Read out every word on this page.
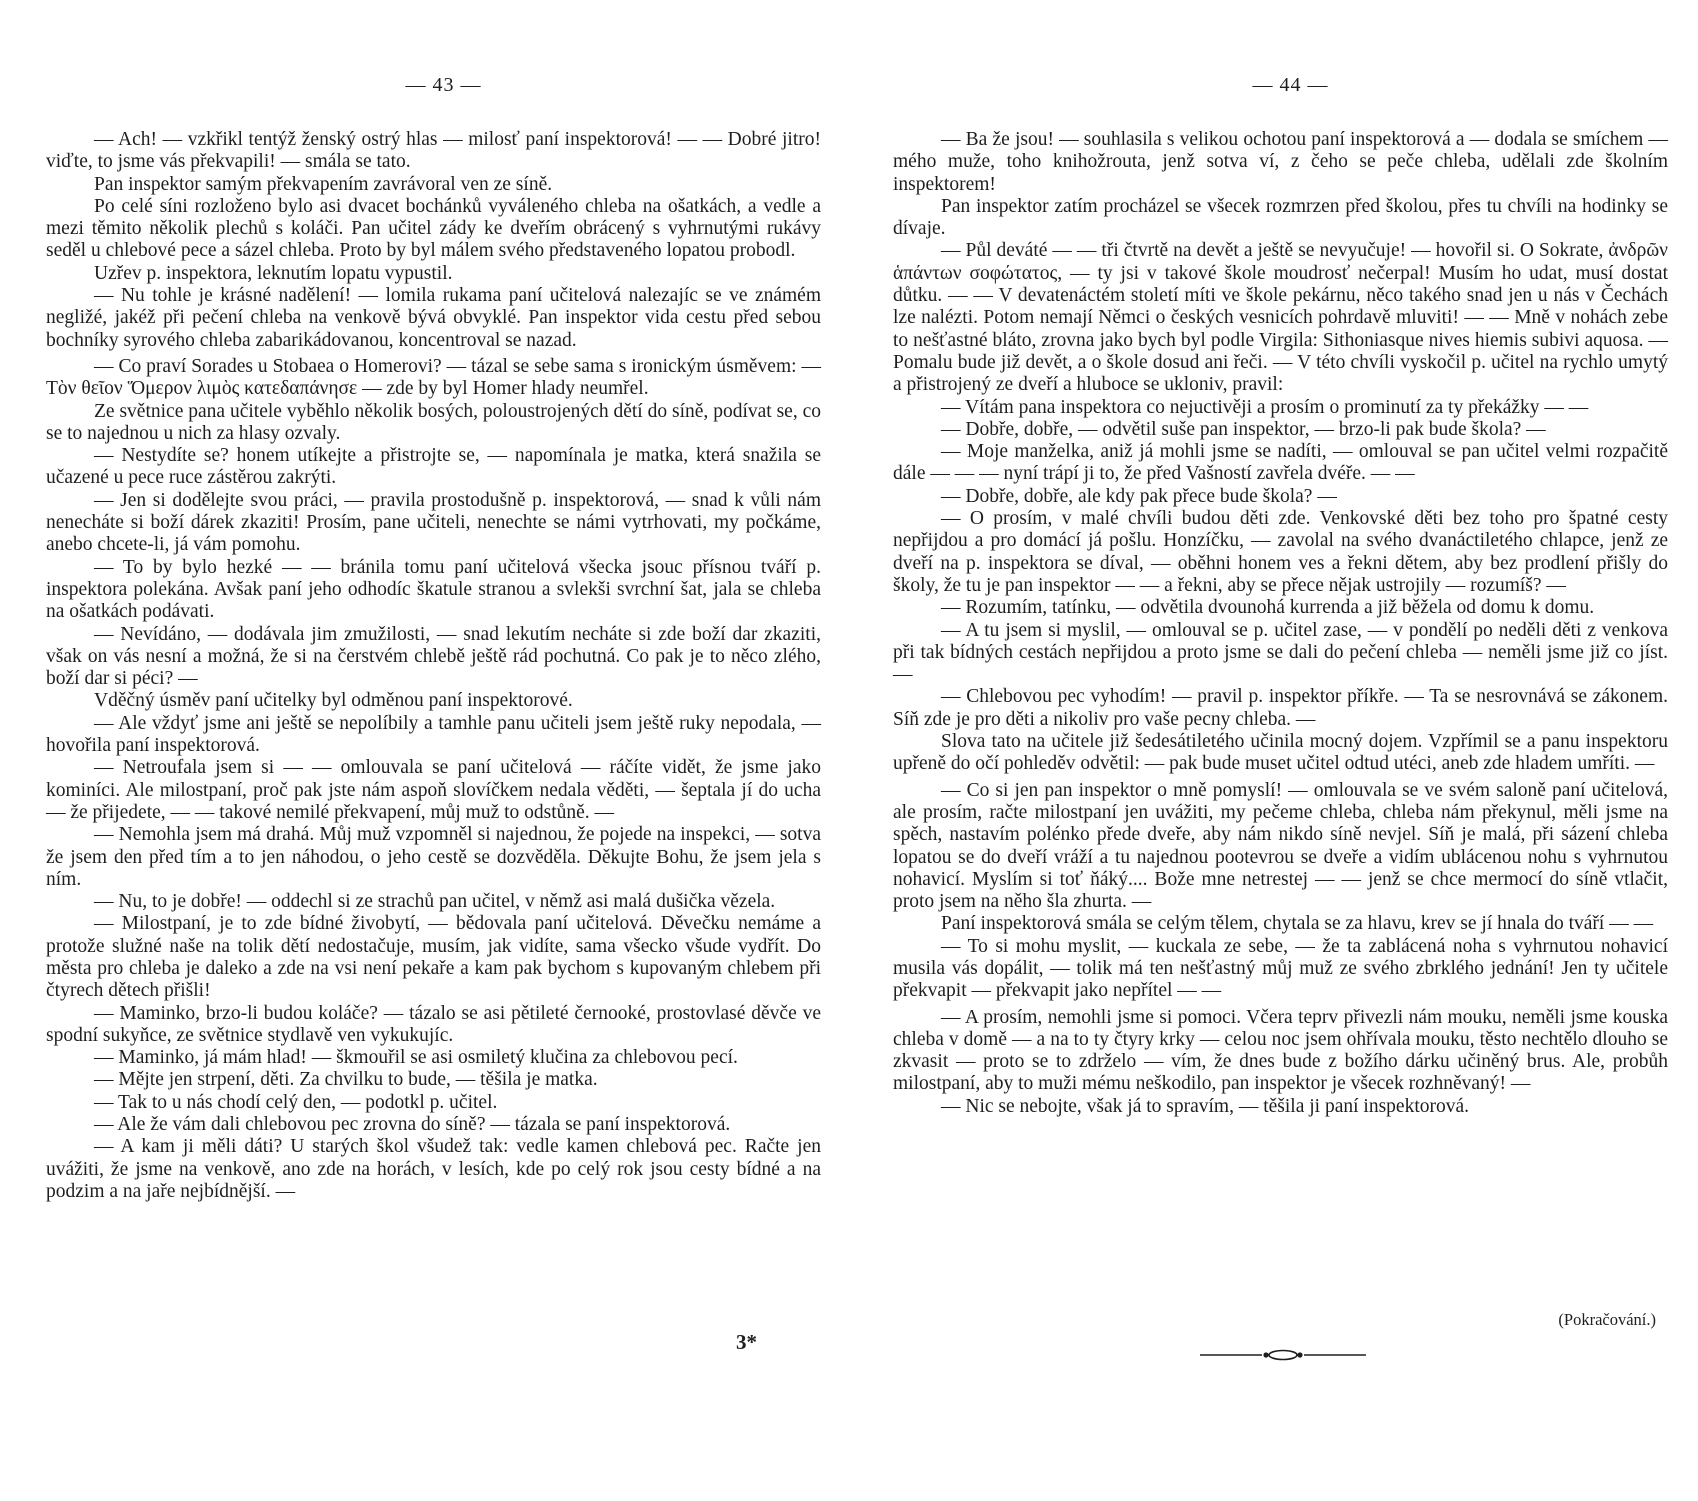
— 43 —

— Ach! — vzkřikl tentýž ženský ostrý hlas — milosť paní inspektorová! — — Dobré jitro! viďte, to jsme vás překvapili! — smála se tato.

Pan inspektor samým překvapením zavrávoral ven ze síně.

Po celé síni rozloženo bylo asi dvacet bochánků vyváleného chleba na ošatkách, a vedle a mezi těmito několik plechů s koláči. Pan učitel zády ke dveřím obrácený s vyhrnutými rukávy seděl u chlebové pece a sázel chleba. Proto by byl málem svého představeného lopatou probodl.

Uzřev p. inspektora, leknutím lopatu vypustil.

— Nu tohle je krásné nadělení! — lomila rukama paní učitelová nalezajíc se ve známém negližé, jakéž při pečení chleba na venkově bývá obvyklé. Pan inspektor vida cestu před sebou bochníky syrového chleba zabarikádovanou, koncentroval se nazad.

— Co praví Sorades u Stobaea o Homerovi? — tázal se sebe sama s ironickým úsměvem: — Τὸν θεῖον Ὅμερον λιμὸς κατεδαπάνησε — zde by byl Homer hlady neumřel.

Ze světnice pana učitele vyběhlo několik bosých, poloustrojených dětí do síně, podívat se, co se to najednou u nich za hlasy ozvaly.

— Nestydíte se? honem utíkejte a přistrojte se, — napomínala je matka, která snažila se učazené u pece ruce zástěrou zakrýti.

— Jen si dodělejte svou práci, — pravila prostodušně p. inspektorová, — snad k vůli nám nenecháte si boží dárek zkaziti! Prosím, pane učiteli, nenechte se námi vytrhovati, my počkáme, anebo chcete-li, já vám pomohu.

— To by bylo hezké — — bránila tomu paní učitelová všecka jsouc přísnou tváří p. inspektora polekána. Avšak paní jeho odhodíc škatule stranou a svlekši svrchní šat, jala se chleba na ošatkách podávati.

— Nevídáno, — dodávala jim zmužilosti, — snad lekutím necháte si zde boží dar zkaziti, však on vás nesní a možná, že si na čerstvém chlebě ještě rád pochutná. Co pak je to něco zlého, boží dar si péci? —

Vděčný úsměv paní učitelky byl odměnou paní inspektorové.

— Ale vždyť jsme ani ještě se nepolíbily a tamhle panu učiteli jsem ještě ruky nepodala, — hovořila paní inspektorová.

— Netroufala jsem si — — omlouvala se paní učitelová — ráčíte vidět, že jsme jako kominíci. Ale milostpaní, proč pak jste nám aspoň slovíčkem nedala věděti, — šeptala jí do ucha — že přijedete, — — takové nemilé překvapení, můj muž to odstůně. —

— Nemohla jsem má drahá. Můj muž vzpomněl si najednou, že pojede na inspekci, — sotva že jsem den před tím a to jen náhodou, o jeho cestě se dozvěděla. Děkujte Bohu, že jsem jela s ním.

— Nu, to je dobře! — oddechl si ze strachů pan učitel, v němž asi malá dušička vězela.

— Milostpaní, je to zde bídné živobytí, — bědovala paní učitelová. Děvečku nemáme a protože služné naše na tolik dětí nedostačuje, musím, jak vidíte, sama všecko všude vydřít. Do města pro chleba je daleko a zde na vsi není pekaře a kam pak bychom s kupovaným chlebem při čtyrech dětech přišli!

— Maminko, brzo-li budou koláče? — tázalo se asi pětileté černooké, prostovlasé děvče ve spodní sukyňce, ze světnice stydlavě ven vykukujíc.

— Maminko, já mám hlad! — škmouřil se asi osmiletý klučina za chlebovou pecí.

— Mějte jen strpení, děti. Za chvilku to bude, — těšila je matka.

— Tak to u nás chodí celý den, — podotkl p. učitel.

— Ale že vám dali chlebovou pec zrovna do síně? — tázala se paní inspektorová.

— A kam ji měli dáti? U starých škol všudež tak: vedle kamen chlebová pec. Račte jen uvážiti, že jsme na venkově, ano zde na horách, v lesích, kde po celý rok jsou cesty bídné a na podzim a na jaře nejbídnější. —

3*
— 44 —

— Ba že jsou! — souhlasila s velikou ochotou paní inspektorová a — dodala se smíchem — mého muže, toho knihožrouta, jenž sotva ví, z čeho se peče chleba, udělali zde školním inspektorem!

Pan inspektor zatím procházel se všecek rozmrzen před školou, přes tu chvíli na hodinky se dívaje.

— Půl deváté — — tři čtvrtě na devět a ještě se nevyučuje! — hovořil si. O Sokrate, ἀνδρῶν ἁπάντων σοφώτατος, — ty jsi v takové škole moudrosť nečerpal! Musím ho udat, musí dostat důtku. — — V devatenáctém století míti ve škole pekárnu, něco takého snad jen u nás v Čechách lze nalézti. Potom nemají Němci o českých vesnicích pohrdavě mluviti! — — Mně v nohách zebe to nešťastné bláto, zrovna jako bych byl podle Virgila: Sithoniasque nives hiemis subivi aquosa. — Pomalu bude již devět, a o škole dosud ani řeči. — V této chvíli vyskočil p. učitel na rychlo umytý a přistrojený ze dveří a hluboce se ukloniv, pravil:

— Vítám pana inspektora co nejuctivěji a prosím o prominutí za ty překážky — —

— Dobře, dobře, — odvětil suše pan inspektor, — brzo-li pak bude škola? —

— Moje manželka, aniž já mohli jsme se nadíti, — omlouval se pan učitel velmi rozpačitě dále — — — nyní trápí ji to, že před Vašností zavřela dvéře. — —

— Dobře, dobře, ale kdy pak přece bude škola? —

— O prosím, v malé chvíli budou děti zde. Venkovské děti bez toho pro špatné cesty nepřijdou a pro domácí já pošlu. Honzíčku, — zavolal na svého dvanáctiletého chlapce, jenž ze dveří na p. inspektora se díval, — oběhni honem ves a řekni dětem, aby bez prodlení přišly do školy, že tu je pan inspektor — — a řekni, aby se přece nějak ustrojily — rozumíš? —

— Rozumím, tatínku, — odvětila dvounohá kurrenda a již běžela od domu k domu.

— A tu jsem si myslil, — omlouval se p. učitel zase, — v pondělí po neděli děti z venkova při tak bídných cestách nepřijdou a proto jsme se dali do pečení chleba — neměli jsme již co jíst. —

— Chlebovou pec vyhodím! — pravil p. inspektor příkře. — Ta se nesrovnává se zákonem. Síň zde je pro děti a nikoliv pro vaše pecny chleba. —

Slova tato na učitele již šedesátiletého učinila mocný dojem. Vzpřímil se a panu inspektoru upřeně do očí pohleděv odvětil: — pak bude muset učitel odtud utéci, aneb zde hladem umříti. —

— Co si jen pan inspektor o mně pomyslí! — omlouvala se ve svém saloně paní učitelová, ale prosím, račte milostpaní jen uvážiti, my pečeme chleba, chleba nám překynul, měli jsme na spěch, nastavím polénko přede dveře, aby nám nikdo síně nevjel. Síň je malá, při sázení chleba lopatou se do dveří vráží a tu najednou pootevrou se dveře a vidím ublácenou nohu s vyhrnutou nohavicí. Myslím si toť ňáký.... Bože mne netrestej — — jenž se chce mermocí do síně vtlačit, proto jsem na něho šla zhurta. —

Paní inspektorová smála se celým tělem, chytala se za hlavu, krev se jí hnala do tváří — —

— To si mohu myslit, — kuckala ze sebe, — že ta zablácená noha s vyhrnutou nohavicí musila vás dopálit, — tolik má ten nešťastný můj muž ze svého zbrklého jednání! Jen ty učitele překvapit — překvapit jako nepřítel — —

— A prosím, nemohli jsme si pomoci. Včera teprv přivezli nám mouku, neměli jsme kouska chleba v domě — a na to ty čtyry krky — celou noc jsem ohřívala mouku, těsto nechtělo dlouho se zkvasit — proto se to zdrželo — vím, že dnes bude z božího dárku učiněný brus. Ale, probůh milostpaní, aby to muži mému neškodilo, pan inspektor je všecek rozhněvaný! —

— Nic se nebojte, však já to spravím, — těšila ji paní inspektorová.

(Pokračování.)
